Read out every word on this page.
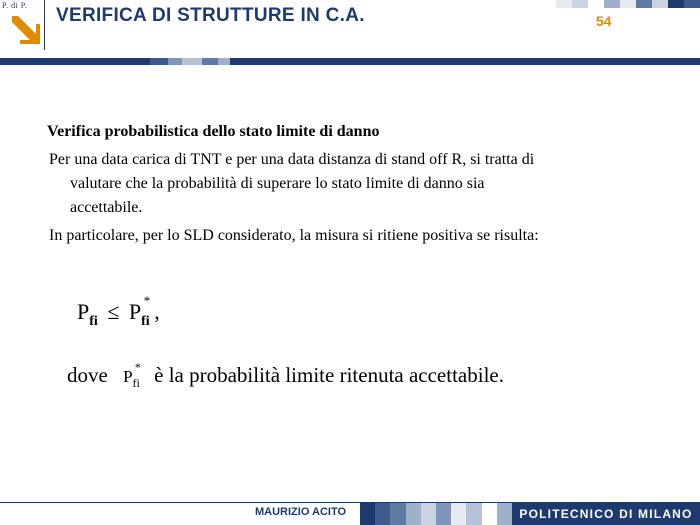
P. di P. VERIFICA DI STRUTTURE IN C.A.	54
Verifica probabilistica dello stato limite di danno
Per una data carica di TNT e per una data distanza di stand off R, si tratta di
valutare che la probabilità di superare lo stato limite di danno sia
accettabile.
In particolare, per lo SLD considerato, la misura si ritiene positiva se risulta:
$P_{fi} \le P_{fi}^*$ ,
dove $P_{fi}^*$ è la probabilità limite ritenuta accettabile.
MAURIZIO ACITO	POLITECNICO DI MILANO
